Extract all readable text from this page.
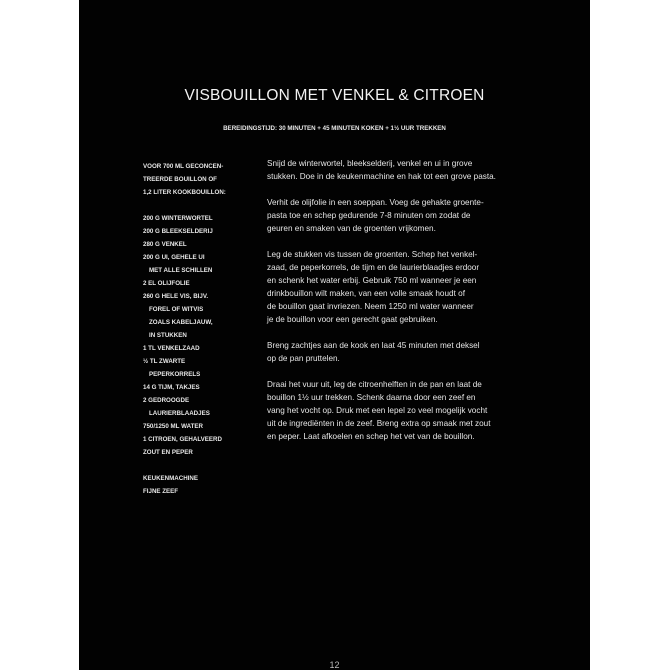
VISBOUILLON MET VENKEL & CITROEN
BEREIDINGSTIJD: 30 MINUTEN + 45 MINUTEN KOKEN + 1½ UUR TREKKEN
VOOR 700 ML GECONCEN-
TREERDE BOUILLON OF
1,2 LITER KOOKBOUILLON:
200 G WINTERWORTEL
200 G BLEEKSELDERIJ
280 G VENKEL
200 G UI, GEHELE UI
MET ALLE SCHILLEN
2 EL OLIJFOLIE
260 G HELE VIS, BIJV.
FOREL OF WITVIS
ZOALS KABELJAUW,
IN STUKKEN
1 TL VENKELZAAD
½ TL ZWARTE
PEPERKORRELS
14 G TIJM, TAKJES
2 GEDROOGDE
LAURIERBLAADJES
750/1250 ML WATER
1 CITROEN, GEHALVEERD
ZOUT EN PEPER
KEUKENMACHINE
FIJNE ZEEF
Snijd de winterwortel, bleekselderij, venkel en ui in grove
stukken. Doe in de keukenmachine en hak tot een grove pasta.
Verhit de olijfolie in een soeppan. Voeg de gehakte groente-
pasta toe en schep gedurende 7-8 minuten om zodat de
geuren en smaken van de groenten vrijkomen.
Leg de stukken vis tussen de groenten. Schep het venkel-
zaad, de peperkorrels, de tijm en de laurierblaadjes erdoor
en schenk het water erbij. Gebruik 750 ml wanneer je een
drinkbouillon wilt maken, van een volle smaak houdt of
de bouillon gaat invriezen. Neem 1250 ml water wanneer
je de bouillon voor een gerecht gaat gebruiken.
Breng zachtjes aan de kook en laat 45 minuten met deksel
op de pan pruttelen.
Draai het vuur uit, leg de citroenhelften in de pan en laat de
bouillon 1½ uur trekken. Schenk daarna door een zeef en
vang het vocht op. Druk met een lepel zo veel mogelijk vocht
uit de ingrediënten in de zeef. Breng extra op smaak met zout
en peper. Laat afkoelen en schep het vet van de bouillon.
12
